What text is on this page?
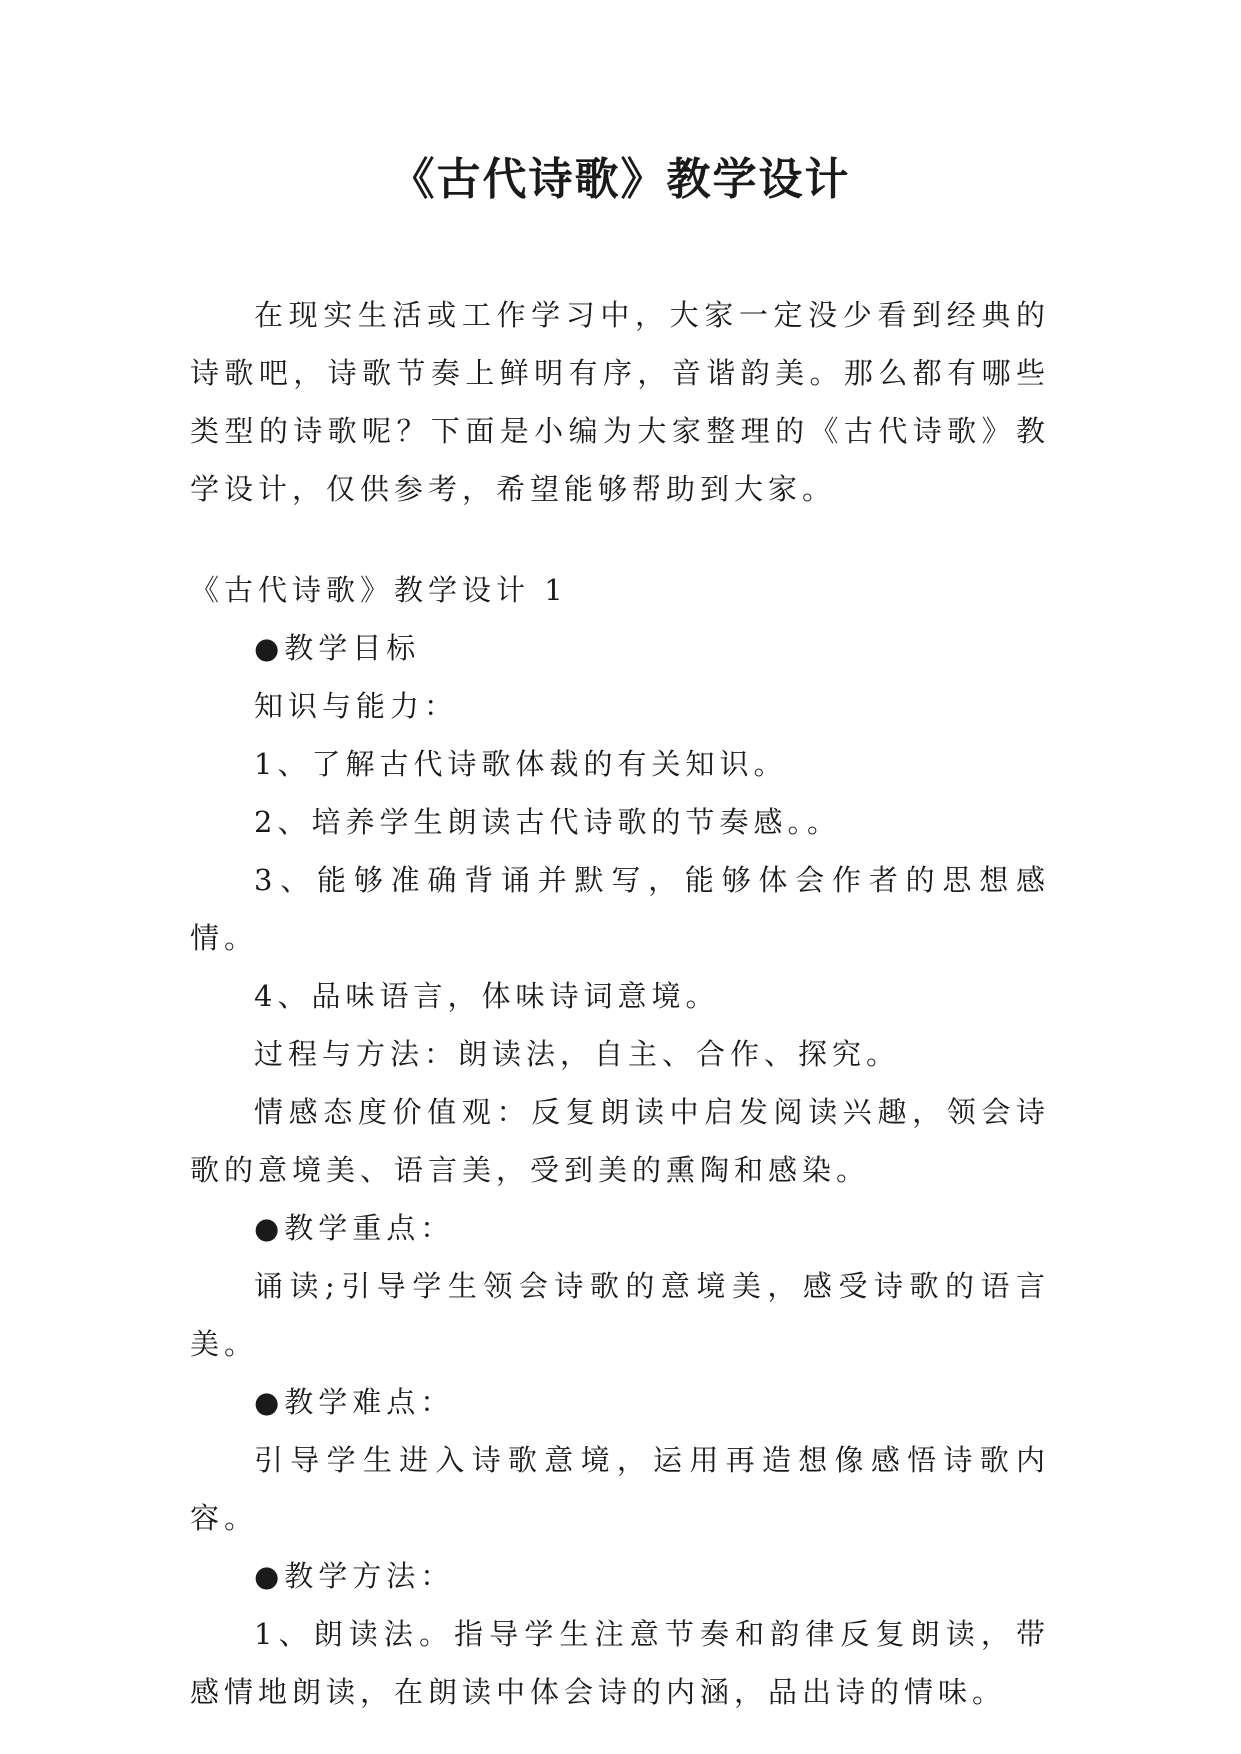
《古代诗歌》教学设计

在现实生活或工作学习中，大家一定没少看到经典的诗歌吧，诗歌节奏上鲜明有序，音谐韵美。那么都有哪些类型的诗歌呢？下面是小编为大家整理的《古代诗歌》教学设计，仅供参考，希望能够帮助到大家。

《古代诗歌》教学设计 1

●教学目标

知识与能力：

1、了解古代诗歌体裁的有关知识。

2、培养学生朗读古代诗歌的节奏感。。

3、能够准确背诵并默写，能够体会作者的思想感情。

4、品味语言，体味诗词意境。

过程与方法：朗读法，自主、合作、探究。

情感态度价值观：反复朗读中启发阅读兴趣，领会诗歌的意境美、语言美，受到美的熏陶和感染。

●教学重点：

诵读;引导学生领会诗歌的意境美，感受诗歌的语言美。

●教学难点：

引导学生进入诗歌意境，运用再造想像感悟诗歌内容。

●教学方法：

1、朗读法。指导学生注意节奏和韵律反复朗读，带感情地朗读，在朗读中体会诗的内涵，品出诗的情味。
